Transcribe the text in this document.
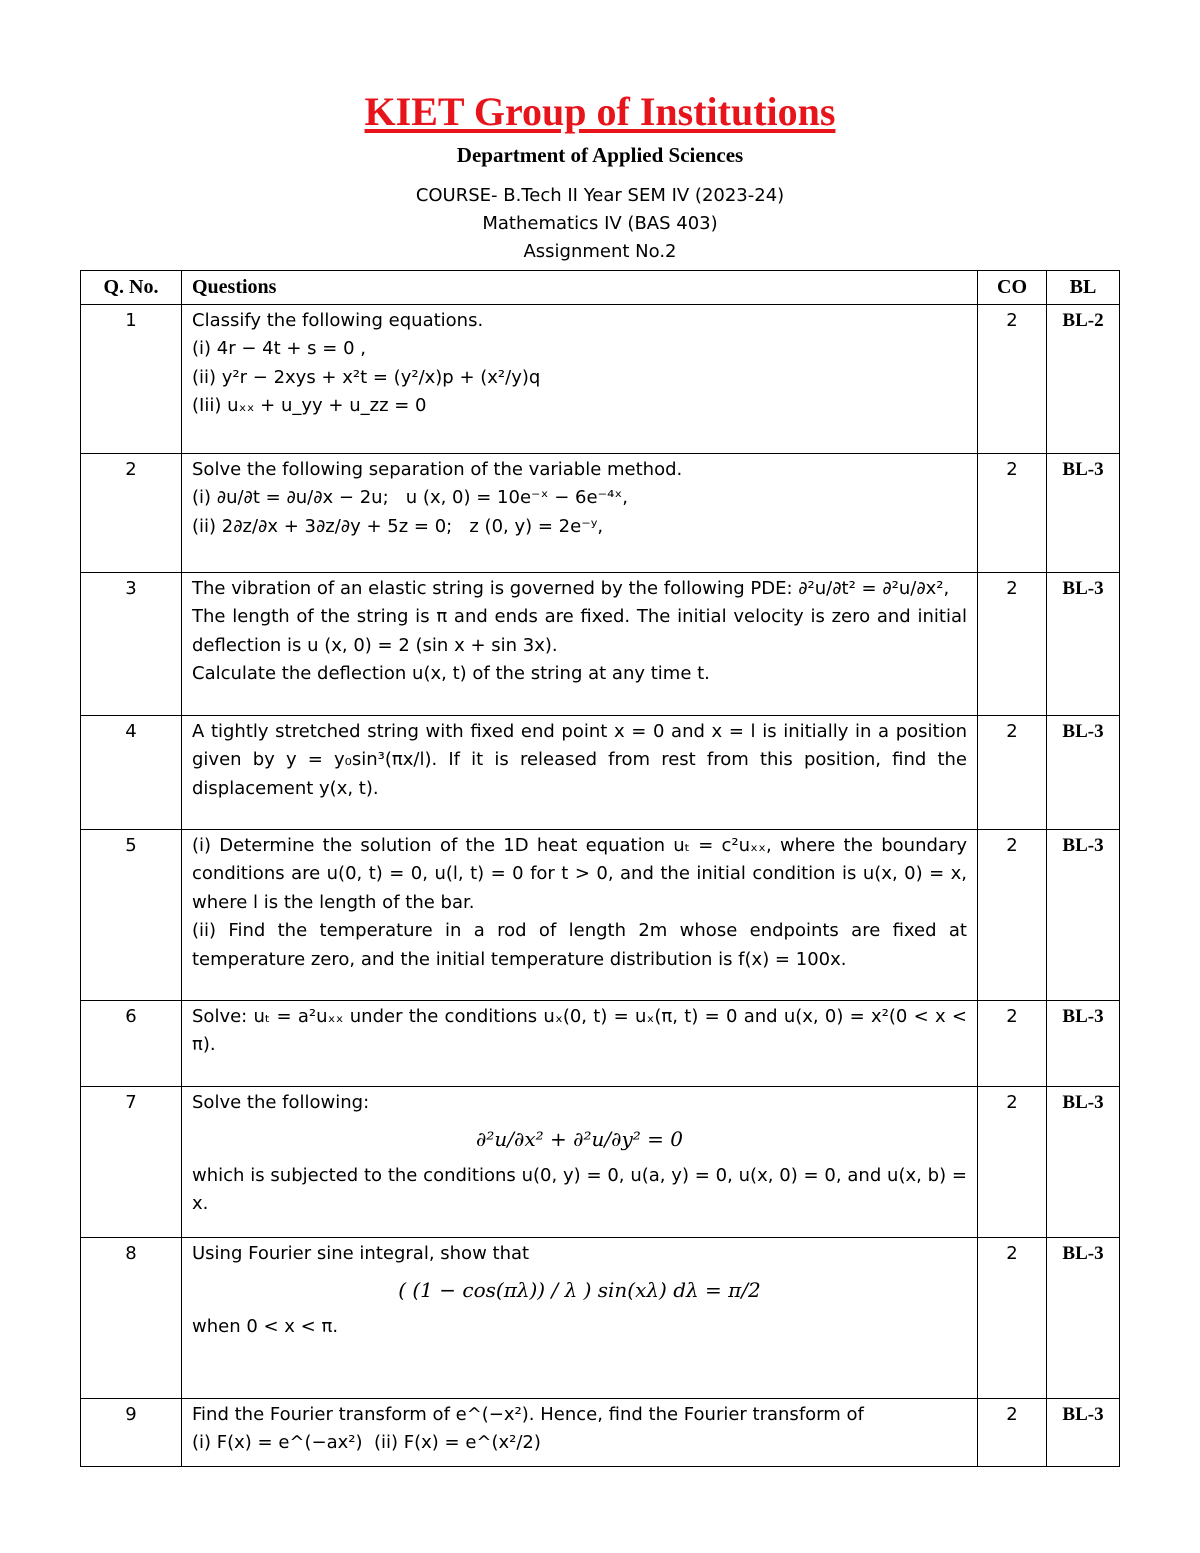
KIET Group of Institutions
Department of Applied Sciences
COURSE- B.Tech II Year SEM IV (2023-24)
Mathematics IV (BAS 403)
Assignment No.2
Q. No.	Questions	CO	BL
1	Classify the following equations.
(i) 4r − 4t + s = 0 ,
(ii) y²r − 2xys + x²t = (y²/x)p + (x²/y)q
(Iii) uₓₓ + u_yy + u_zz = 0	2	BL-2
2	Solve the following separation of the variable method.
(i) ∂u/∂t = ∂u/∂x − 2u;   u (x, 0) = 10e⁻ˣ − 6e⁻⁴ˣ,
(ii) 2∂z/∂x + 3∂z/∂y + 5z = 0;   z (0, y) = 2e⁻ʸ,	2	BL-3
3	The vibration of an elastic string is governed by the following PDE: ∂²u/∂t² = ∂²u/∂x²,
The length of the string is π and ends are fixed. The initial velocity is zero and initial deflection is u (x, 0) = 2 (sin x + sin 3x).
Calculate the deflection u(x, t) of the string at any time t.	2	BL-3
4	A tightly stretched string with fixed end point x = 0 and x = l is initially in a position given by y = y₀sin³(πx/l). If it is released from rest from this position, find the displacement y(x, t).	2	BL-3
5	(i) Determine the solution of the 1D heat equation uₜ = c²uₓₓ, where the boundary conditions are u(0, t) = 0, u(l, t) = 0 for t > 0, and the initial condition is u(x, 0) = x, where l is the length of the bar.
(ii) Find the temperature in a rod of length 2m whose endpoints are fixed at temperature zero, and the initial temperature distribution is f(x) = 100x.	2	BL-3
6	Solve: uₜ = a²uₓₓ under the conditions uₓ(0, t) = uₓ(π, t) = 0 and u(x, 0) = x²(0 < x < π).	2	BL-3
7	Solve the following:
∂²u/∂x² + ∂²u/∂y² = 0
which is subjected to the conditions u(0, y) = 0, u(a, y) = 0, u(x, 0) = 0, and u(x, b) = x.	2	BL-3
8	Using Fourier sine integral, show that
( (1 − cos(πλ)) / λ ) sin(xλ) dλ = π/2
when 0 < x < π.	2	BL-3
9	Find the Fourier transform of e^(−x²). Hence, find the Fourier transform of
(i) F(x) = e^(−ax²)  (ii) F(x) = e^(x²/2)	2	BL-3
